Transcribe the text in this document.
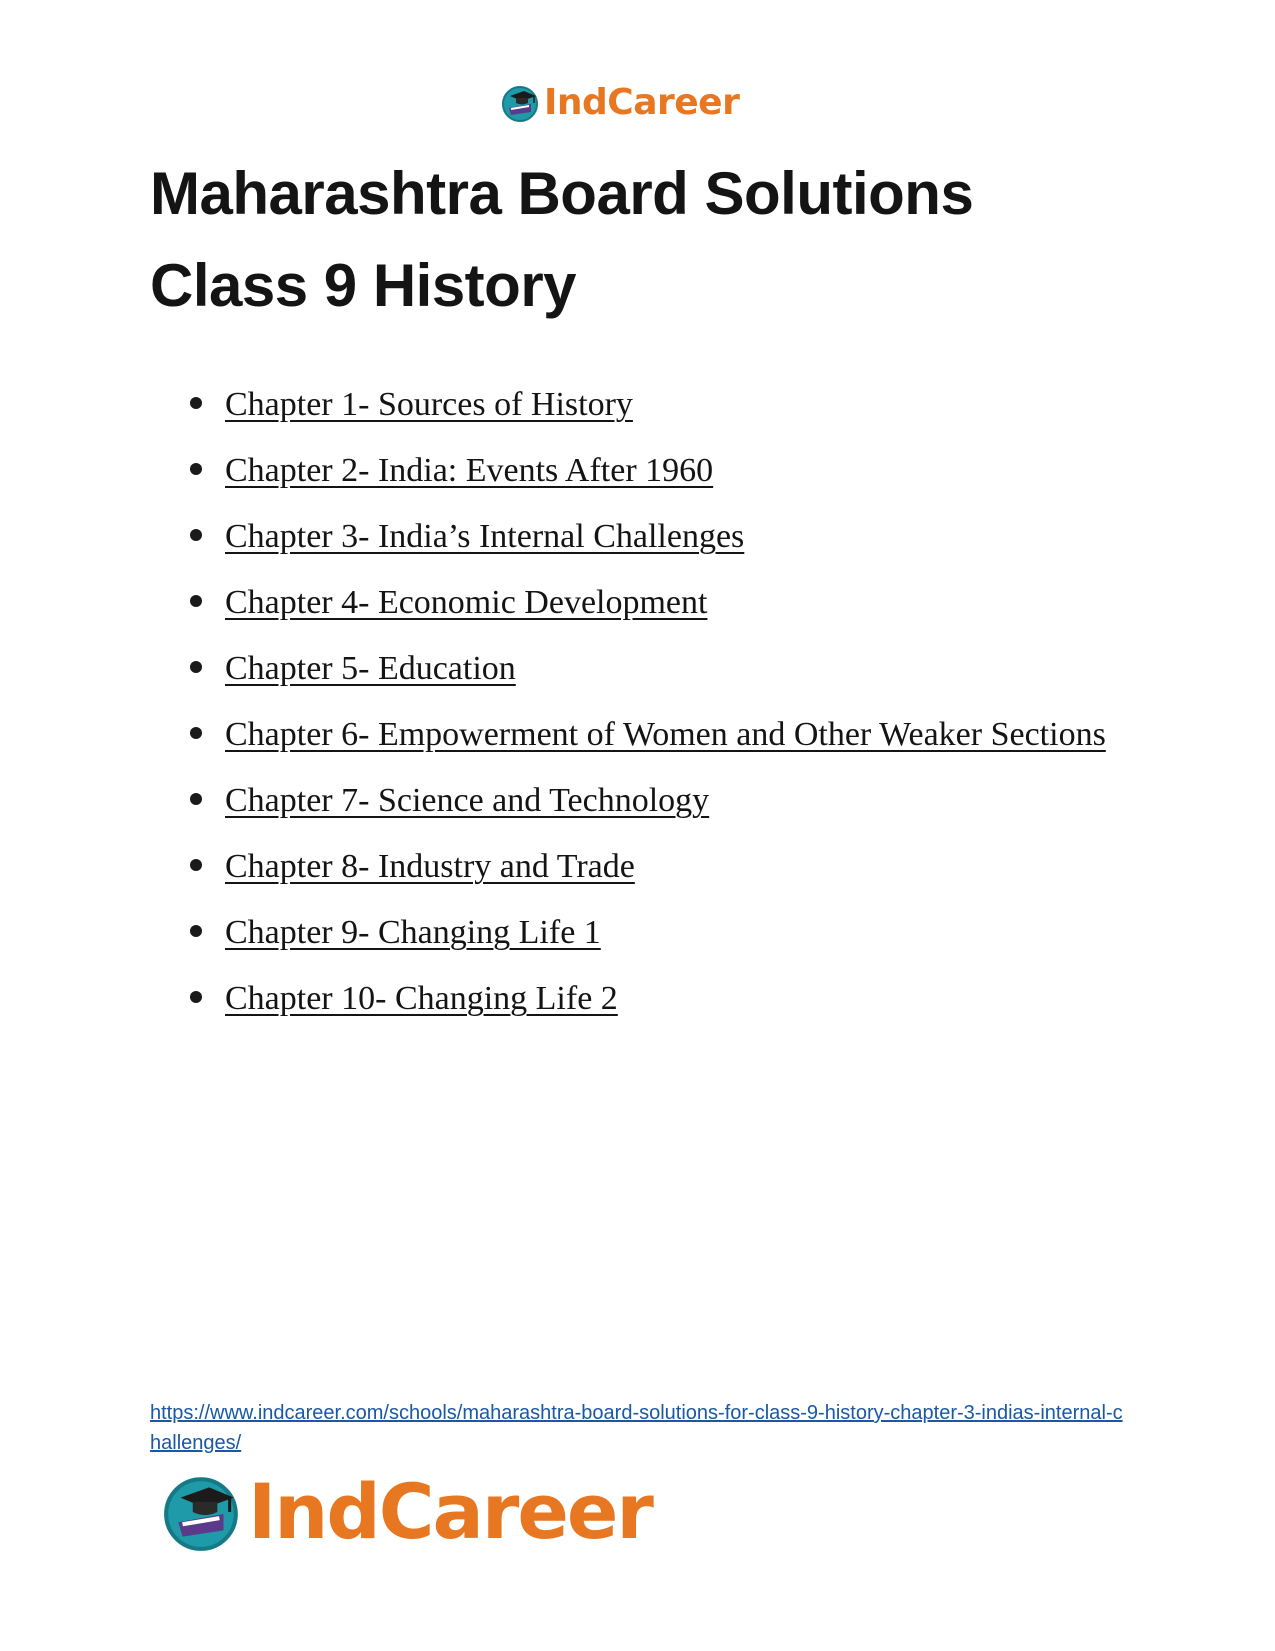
IndCareer
Maharashtra Board Solutions
Class 9 History
Chapter 1- Sources of History
Chapter 2- India: Events After 1960
Chapter 3- India’s Internal Challenges
Chapter 4- Economic Development
Chapter 5- Education
Chapter 6- Empowerment of Women and Other Weaker Sections
Chapter 7- Science and Technology
Chapter 8- Industry and Trade
Chapter 9- Changing Life 1
Chapter 10- Changing Life 2
https://www.indcareer.com/schools/maharashtra-board-solutions-for-class-9-history-chapter-3-indias-internal-challenges/
IndCareer
